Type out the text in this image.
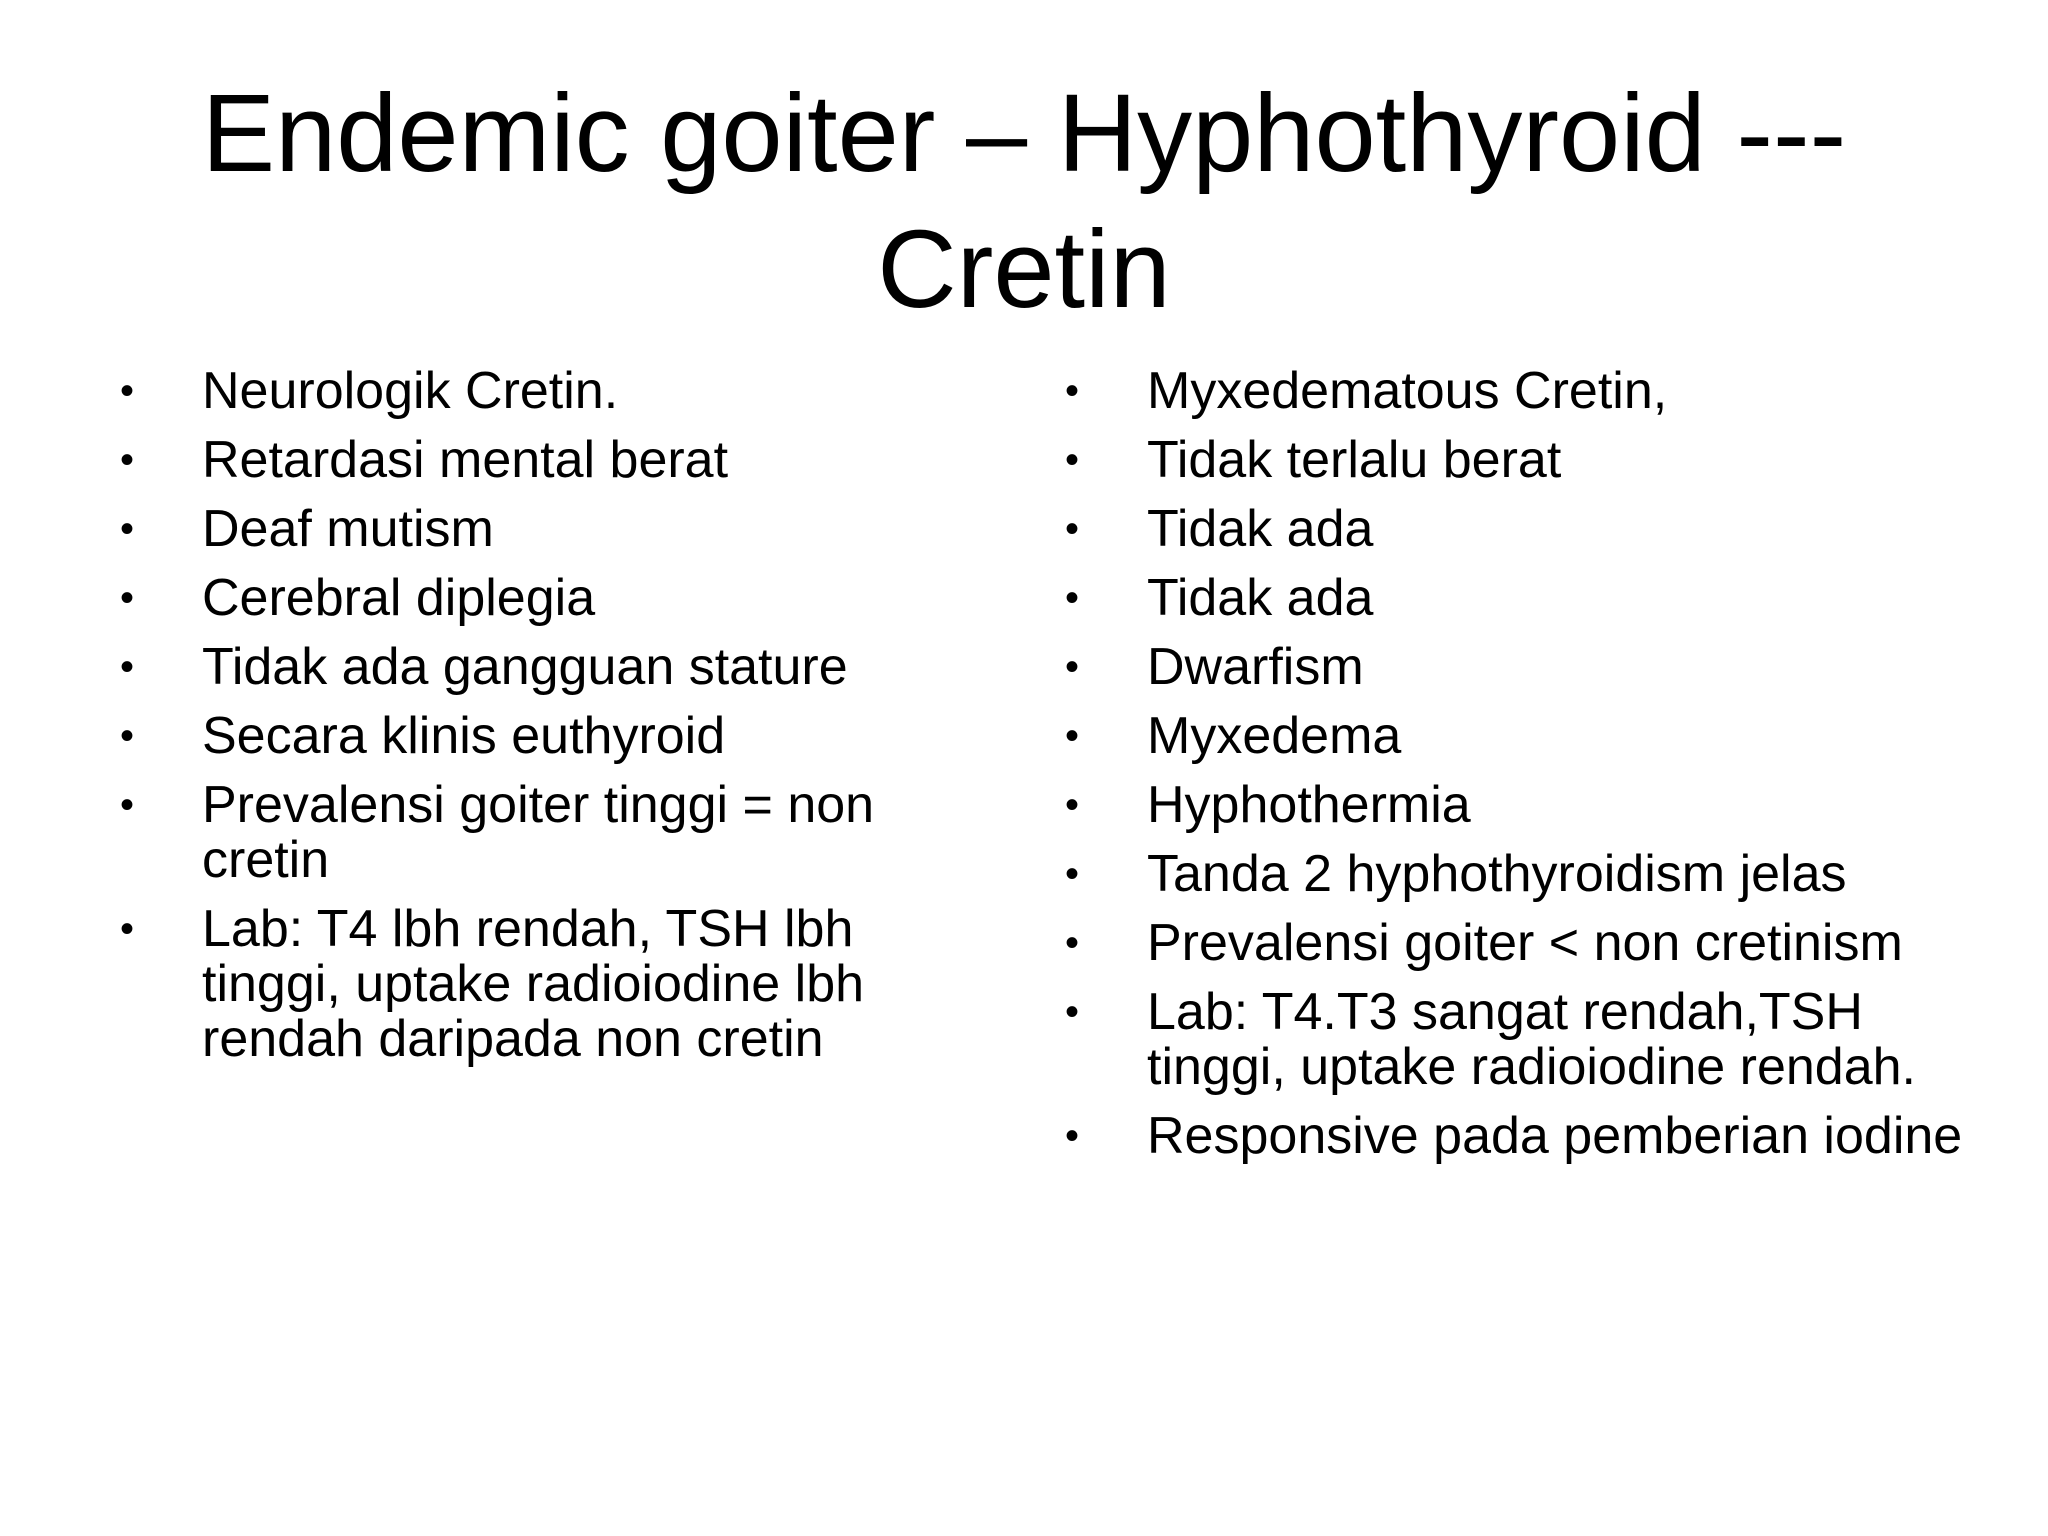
Endemic goiter – Hyphothyroid ---
Cretin
•	Neurologik Cretin.
•	Retardasi mental berat
•	Deaf mutism
•	Cerebral diplegia
•	Tidak ada gangguan stature
•	Secara klinis euthyroid
•	Prevalensi goiter tinggi = non cretin
•	Lab: T4 lbh rendah, TSH lbh tinggi, uptake radioiodine lbh rendah daripada non cretin
•	Myxedematous Cretin,
•	Tidak terlalu berat
•	Tidak ada
•	Tidak ada
•	Dwarfism
•	Myxedema
•	Hyphothermia
•	Tanda 2 hyphothyroidism jelas
•	Prevalensi goiter < non cretinism
•	Lab: T4.T3 sangat rendah,TSH tinggi, uptake radioiodine rendah.
•	Responsive pada pemberian iodine
